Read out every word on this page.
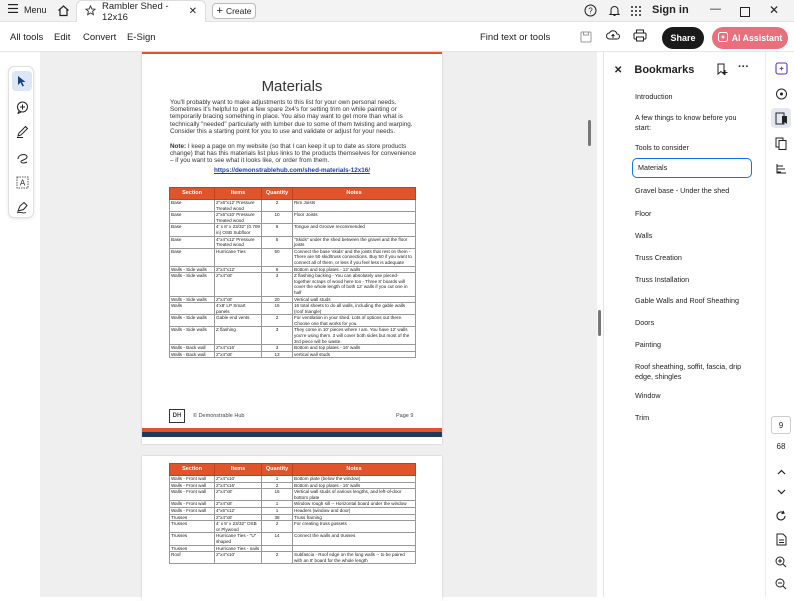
Menu	Rambler Shed - 12x16	✕ + Create	?	Sign in —	✕
All tools Edit Convert E-Sign	Find text or tools	Share	AI Assistant
A
Materials
You'll probably want to make adjustments to this list for your own personal needs. Sometimes it's helpful to get a few spare 2x4's for setting trim on while painting or temporarily bracing something in place. You also may want to get more than what is technically "needed" particularly with lumber due to some of them twisting and warping. Consider this a starting point for you to use and validate or adjust for your needs.
Note: I keep a page on my website (so that I can keep it up to date as store products change) that has this materials list plus links to the products themselves for convenience – if you want to see what it looks like, or order from them.
https://demonstrablehub.com/shed-materials-12x16/
Section	Items	Quantity	Notes
Base	2"x6"x12' Pressure Treated wood	2	Rim Joists
Base	2"x6"x10' Pressure Treated wood	10	Floor Joists
Base	4' x 8' x 23/32" (0.709 in) OSB Subfloor	6	Tongue and Groove recommended
Base	4"x4"x12' Pressure Treated wood	5	"Skids" under the shed between the gravel and the floor joists
Base	Hurricane Ties	50	Connect the base 'skids' and the joists that rest on them - There are 50 skid/truss connections. Buy 50 if you want to connect all of them, or less if you feel less is adequate
Walls - Side walls	2"x4"x12'	6	Bottom and top plates - 12' walls
Walls - Side walls	2"x4"x8'	3	Z flashing backing - You can absolutely use pieced-together scraps of wood here too - Three 8' boards will cover the whole length of both 12' walls if you cut one in half
Walls - Side walls	2"x4"x8'	20	Vertical wall studs
Walls	4'x8' LP Smart panels	16	16 total sheets to do all walls, including the gable walls (roof triangle)
Walls - Side walls	Gable end vents	2	For ventilation in your shed. Lots of options out there. Choose one that works for you.
Walls - Side walls	Z flashing	3	They come in 10' pieces where I am. You have 12' walls you're using them. 3 will cover both sides but most of the 3rd piece will be waste.
Walls - Back wall	2"x4"x16'	3	Bottom and top plates - 16' walls
Walls - Back wall	2"x4"x8'	13	vertical wall studs
DH	© Demonstrable Hub	Page 9
Section	Items	Quantity	Notes
Walls - Front wall	2"x4"x10'	1	Bottom plate (below the window)
Walls - Front wall	2"x4"x16'	2	Bottom and top plates - 16' walls
Walls - Front wall	2"x4"x8'	16	Vertical wall studs of various lengths, and left-of-door bottom plate
Walls - Front wall	2"x4"x8'	1	Window rough sill -- Horizontal board under the window
Walls - Front wall	4"x6"x12'	1	Headers (window and door)
Trusses	2"x4"x8'	38	Truss framing
Trusses	4' x 8' x 23/32" OSB or Plywood	2	For creating truss gussets
Trusses	Hurricane Ties - "U" shaped	14	Connect the walls and trusses
Trusses	Hurricane Ties - nails		
Roof	2"x4"x10'	2	Subfascia - Roof edge on the long walls -- to be paired with an 8' board for the whole length
✕ Bookmarks	···
Introduction
A few things to know before you start:
Tools to consider
Materials
Gravel base - Under the shed
Floor
Walls
Truss Creation
Truss Installation
Gable Walls and Roof Sheathing
Doors
Painting
Roof sheathing, soffit, fascia, drip edge, shingles
Window
Trim
9
68
